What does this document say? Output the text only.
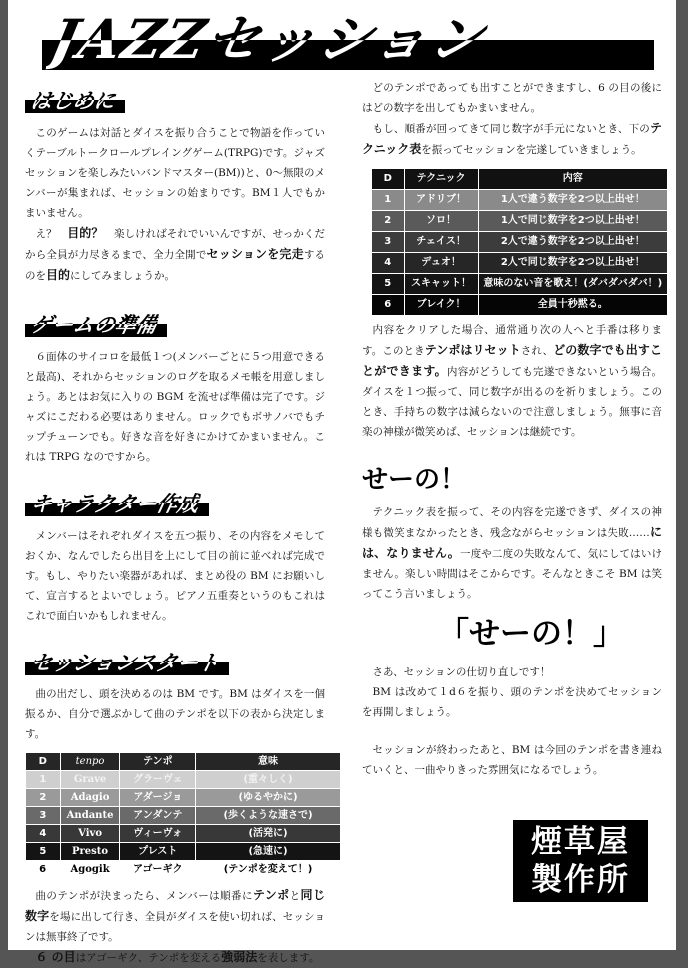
JAZZセッション
はじめに
このゲームは対話とダイスを振り合うことで物語を作っていくテーブルトークロールプレイングゲーム(TRPG)です。ジャズセッションを楽しみたいバンドマスター(BM))と、0～無限のメンバーが集まれば、セッションの始まりです。BM１人でもかまいません。
え？　目的？　楽しければそれでいいんですが、せっかくだから全員が力尽きるまで、全力全開でセッションを完走するのを目的にしてみましょうか。
ゲームの準備
６面体のサイコロを最低１つ(メンバーごとに５つ用意できると最高)、それからセッションのログを取るメモ帳を用意しましょう。あとはお気に入りの BGM を流せば準備は完了です。ジャズにこだわる必要はありません。ロックでもボサノバでもチップチューンでも。好きな音を好きにかけてかまいません。これは TRPG なのですから。
キャラクター作成
メンバーはそれぞれダイスを五つ振り、その内容をメモしておくか、なんでしたら出目を上にして目の前に並べれば完成です。もし、やりたい楽器があれば、まとめ役の BM にお願いして、宣言するとよいでしょう。ピアノ五重奏というのもこれはこれで面白いかもしれません。
セッションスタート
曲の出だし、頭を決めるのは BM です。BM はダイスを一個振るか、自分で選ぶかして曲のテンポを以下の表から決定します。
D	tenpo	テンポ	意味
1	Grave	グラーヴェ	(重々しく)
2	Adagio	アダージョ	(ゆるやかに)
3	Andante	アンダンテ	(歩くような速さで)
4	Vivo	ヴィーヴォ	(活発に)
5	Presto	プレスト	(急速に)
6	Agogik	アゴーギク	(テンポを変えて！)
曲のテンポが決まったら、メンバーは順番にテンポと同じ数字を場に出して行き、全員がダイスを使い切れば、セッションは無事終了です。
６ の目はアゴーギク、テンポを変える強弱法を表します。
どのテンポであっても出すことができますし、6 の目の後にはどの数字を出してもかまいません。
もし、順番が回ってきて同じ数字が手元にないとき、下のテクニック表を振ってセッションを完遂していきましょう。
D	テクニック	内容
1	アドリブ！	1人で違う数字を2つ以上出せ！
2	ソロ！	1人で同じ数字を2つ以上出せ！
3	チェイス！	2人で違う数字を2つ以上出せ！
4	デュオ！	2人で同じ数字を2つ以上出せ！
5	スキャット！	意味のない音を歌え！(ダバダバダバ！)
6	ブレイク！	全員十秒黙る。
内容をクリアした場合、通常通り次の人へと手番は移ります。このときテンポはリセットされ、どの数字でも出すことができます。内容がどうしても完遂できないという場合。ダイスを１つ振って、同じ数字が出るのを祈りましょう。このとき、手持ちの数字は減らないので注意しましょう。無事に音楽の神様が微笑めば、セッションは継続です。
せーの！
テクニック表を振って、その内容を完遂できず、ダイスの神様も微笑まなかったとき、残念ながらセッションは失敗……には、なりません。一度や二度の失敗なんて、気にしてはいけません。楽しい時間はそこからです。そんなときこそ BM は笑ってこう言いましょう。
「せーの！」
さあ、セッションの仕切り直しです！
BM は改めて１d６を振り、頭のテンポを決めてセッションを再開しましょう。
セッションが終わったあと、BM は今回のテンポを書き連ねていくと、一曲やりきった雰囲気になるでしょう。
煙草屋
製作所
